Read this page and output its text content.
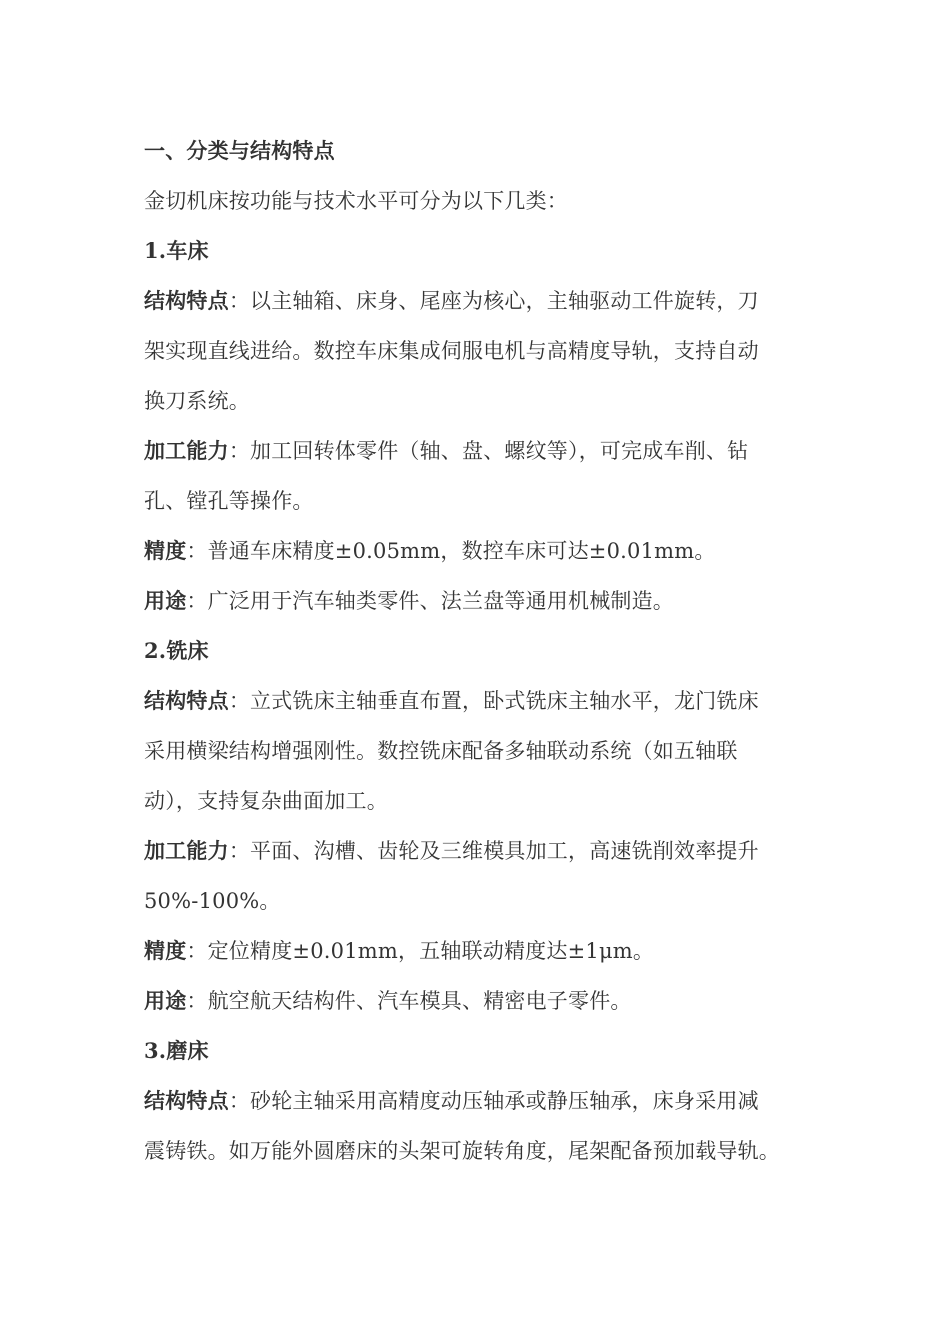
一、分类与结构特点
金切机床按功能与技术水平可分为以下几类：
1.车床
结构特点：以主轴箱、床身、尾座为核心，主轴驱动工件旋转，刀
架实现直线进给。数控车床集成伺服电机与高精度导轨，支持自动
换刀系统。
加工能力：加工回转体零件（轴、盘、螺纹等），可完成车削、钻
孔、镗孔等操作。
精度：普通车床精度±0.05mm，数控车床可达±0.01mm。
用途：广泛用于汽车轴类零件、法兰盘等通用机械制造。
2.铣床
结构特点：立式铣床主轴垂直布置，卧式铣床主轴水平，龙门铣床
采用横梁结构增强刚性。数控铣床配备多轴联动系统（如五轴联
动），支持复杂曲面加工。
加工能力：平面、沟槽、齿轮及三维模具加工，高速铣削效率提升
50%-100%。
精度：定位精度±0.01mm，五轴联动精度达±1μm。
用途：航空航天结构件、汽车模具、精密电子零件。
3.磨床
结构特点：砂轮主轴采用高精度动压轴承或静压轴承，床身采用减
震铸铁。如万能外圆磨床的头架可旋转角度，尾架配备预加载导轨。
